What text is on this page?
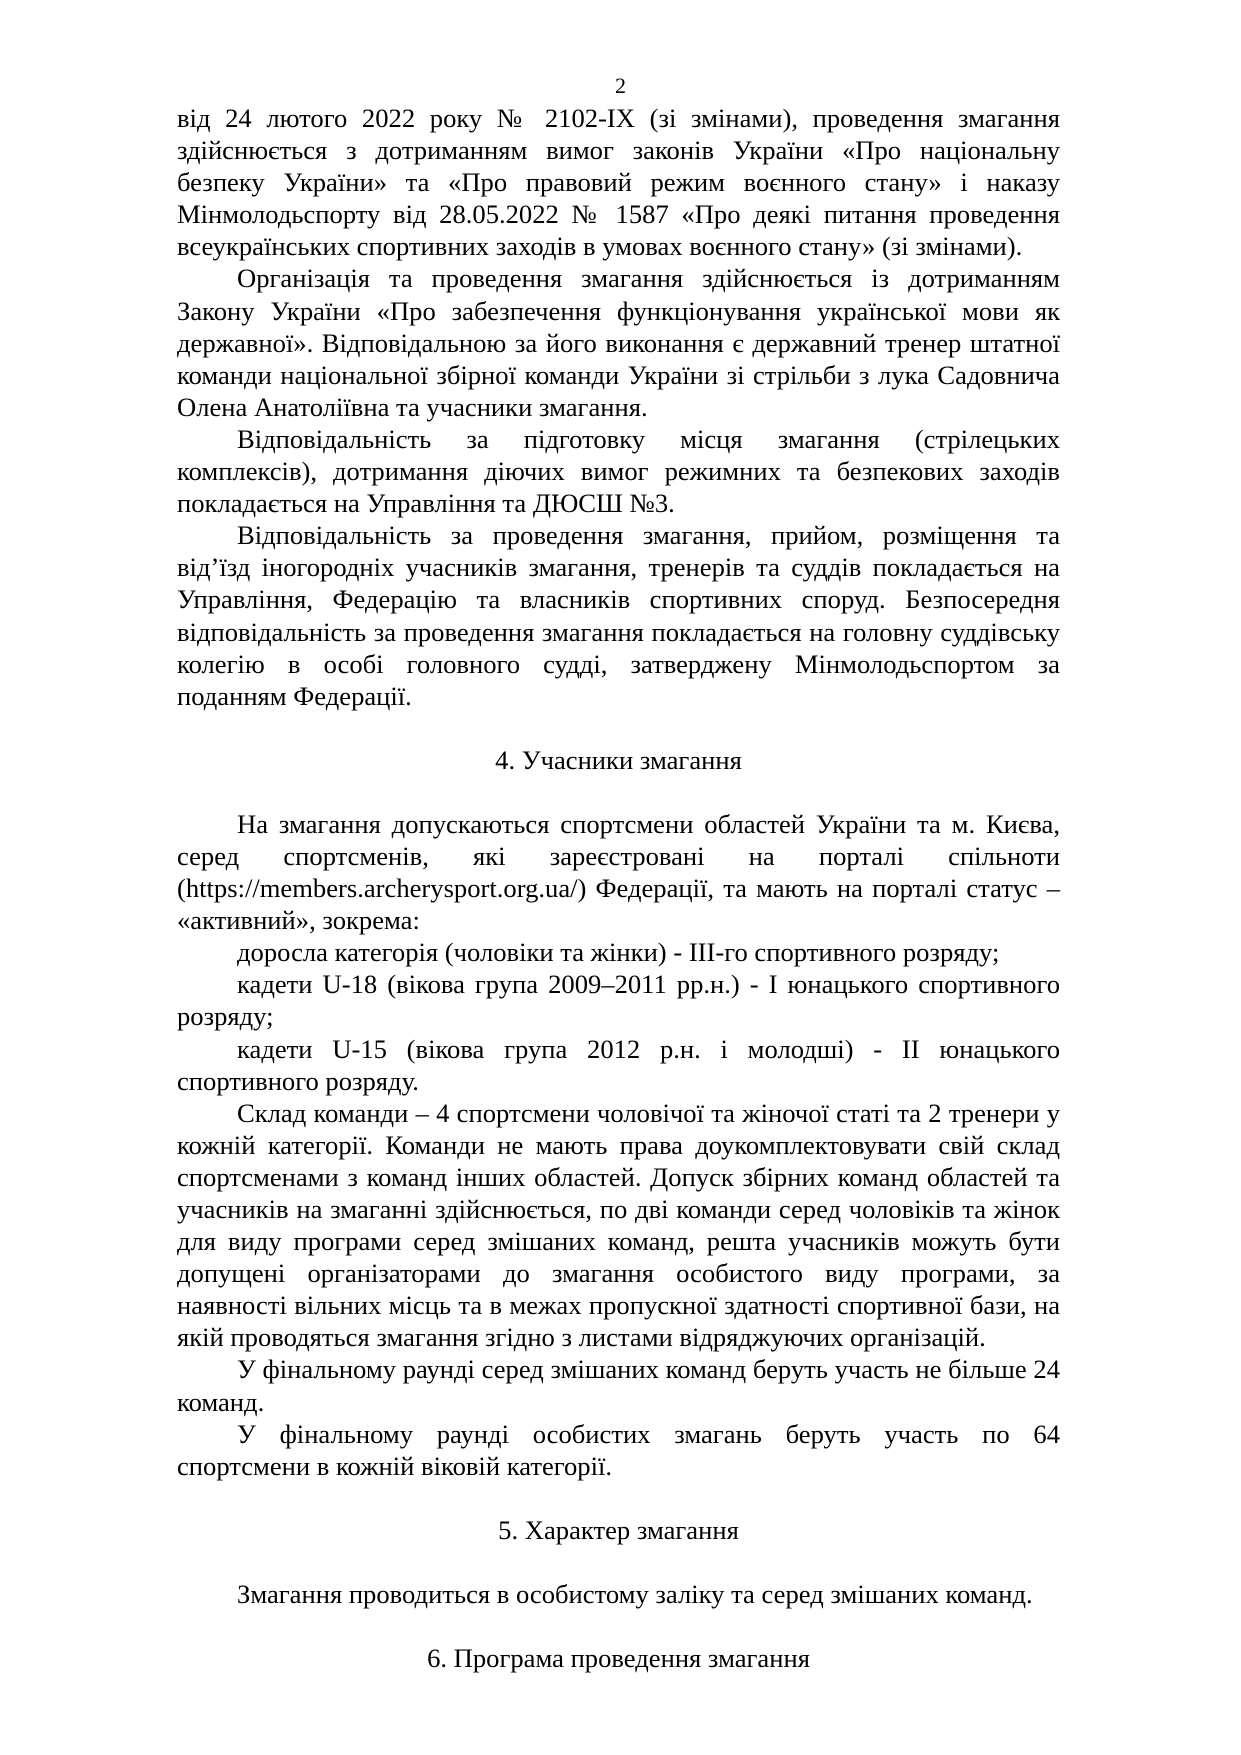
2

від 24 лютого 2022 року № 2102-IX (зі змінами), проведення змагання здійснюється з дотриманням вимог законів України «Про національну безпеку України» та «Про правовий режим воєнного стану» і наказу Мінмолодьспорту від 28.05.2022 № 1587 «Про деякі питання проведення всеукраїнських спортивних заходів в умовах воєнного стану» (зі змінами).

Організація та проведення змагання здійснюється із дотриманням Закону України «Про забезпечення функціонування української мови як державної». Відповідальною за його виконання є державний тренер штатної команди національної збірної команди України зі стрільби з лука Садовнича Олена Анатоліївна та учасники змагання.

Відповідальність за підготовку місця змагання (стрілецьких комплексів), дотримання діючих вимог режимних та безпекових заходів покладається на Управління та ДЮСШ №3.

Відповідальність за проведення змагання, прийом, розміщення та від’їзд іногородніх учасників змагання, тренерів та суддів покладається на Управління, Федерацію та власників спортивних споруд. Безпосередня відповідальність за проведення змагання покладається на головну суддівську колегію в особі головного судді, затверджену Мінмолодьспортом за поданням Федерації.

4. Учасники змагання

На змагання допускаються спортсмени областей України та м. Києва, серед спортсменів, які зареєстровані на порталі спільноти (https://members.archerysport.org.ua/) Федерації, та мають на порталі статус – «активний», зокрема:

доросла категорія (чоловіки та жінки) - ІІІ-го спортивного розряду;

кадети U-18 (вікова група 2009–2011 рр.н.) - І юнацького спортивного розряду;

кадети U-15 (вікова група 2012 р.н. і молодші) - ІІ юнацького спортивного розряду.

Склад команди – 4 спортсмени чоловічої та жіночої статі та 2 тренери у кожній категорії. Команди не мають права доукомплектовувати свій склад спортсменами з команд інших областей. Допуск збірних команд областей та учасників на змаганні здійснюється, по дві команди серед чоловіків та жінок для виду програми серед змішаних команд, решта учасників можуть бути допущені організаторами до змагання особистого виду програми, за наявності вільних місць та в межах пропускної здатності спортивної бази, на якій проводяться змагання згідно з листами відряджуючих організацій.

У фінальному раунді серед змішаних команд беруть участь не більше 24 команд.

У фінальному раунді особистих змагань беруть участь по 64 спортсмени в кожній віковій категорії.

5. Характер змагання

Змагання проводиться в особистому заліку та серед змішаних команд.

6. Програма проведення змагання
